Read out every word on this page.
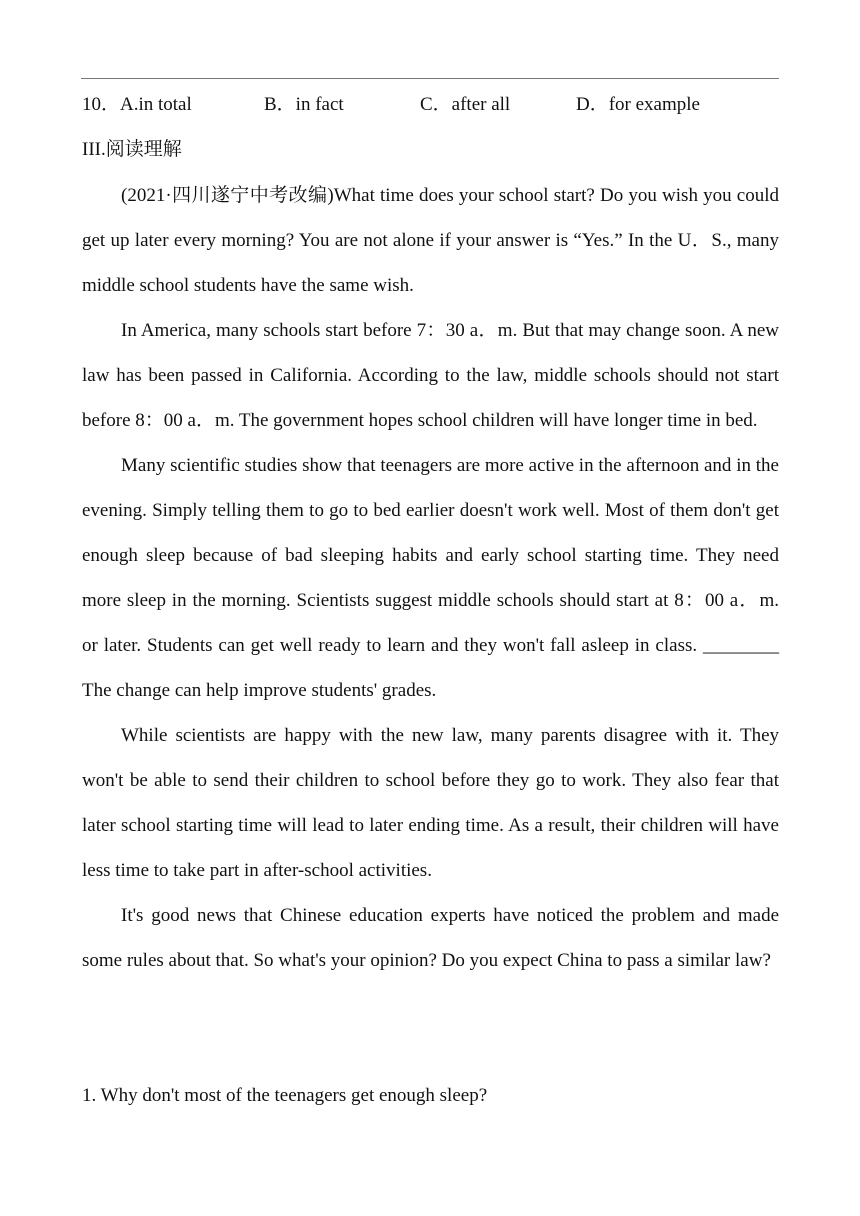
10．A.in total	B．in fact	C．after all	D．for example
III.阅读理解

(2021·四川遂宁中考改编)What time does your school start? Do you wish you could get up later every morning? You are not alone if your answer is “Yes.” In the U．S., many middle school students have the same wish.

In America, many schools start before 7：30 a．m. But that may change soon. A new law has been passed in California. According to the law, middle schools should not start before 8：00 a．m. The government hopes school children will have longer time in bed.

Many scientific studies show that teenagers are more active in the afternoon and in the evening. Simply telling them to go to bed earlier doesn't work well. Most of them don't get enough sleep because of bad sleeping habits and early school starting time. They need more sleep in the morning. Scientists suggest middle schools should start at 8：00 a．m. or later. Students can get well ready to learn and they won't fall asleep in class. ________ The change can help improve students' grades.

While scientists are happy with the new law, many parents disagree with it. They won't be able to send their children to school before they go to work. They also fear that later school starting time will lead to later ending time. As a result, their children will have less time to take part in after-school activities.

It's good news that Chinese education experts have noticed the problem and made some rules about that. So what's your opinion? Do you expect China to pass a similar law?

1. Why don't most of the teenagers get enough sleep?
